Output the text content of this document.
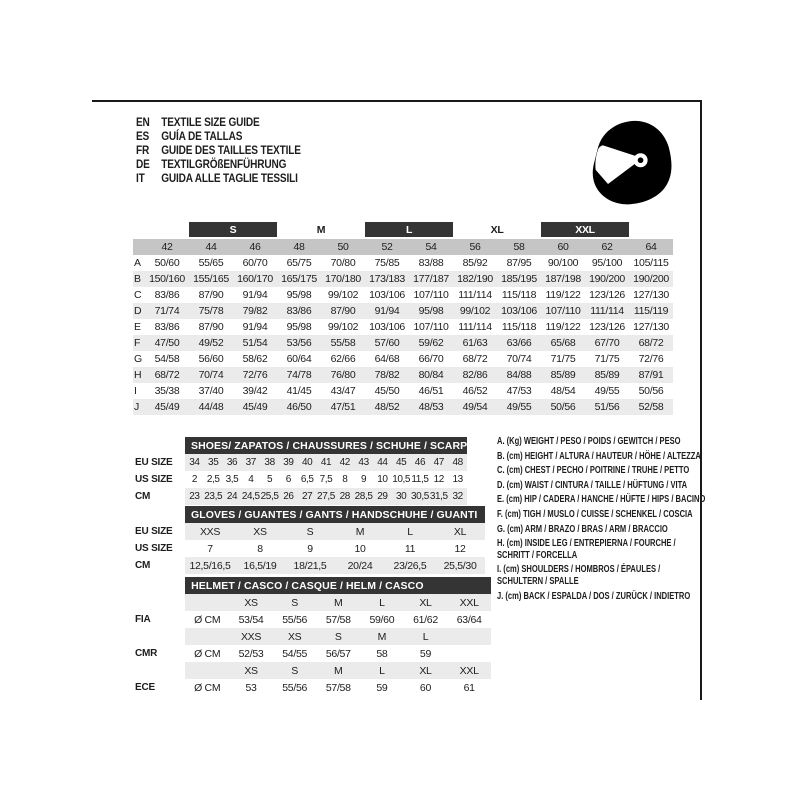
EN TEXTILE SIZE GUIDE
ES	GUÍA DE TALLAS
FR	GUIDE DES TAILLES TEXTILE
DE TEXTILGRÖßENFÜHRUNG
IT	GUIDA ALLE TAGLIE TESSILI
		S		M		L		XL		XXL		
	42	44	46	48	50	52	54	56	58	60	62	64
A	50/60	55/65	60/70	65/75	70/80	75/85	83/88	85/92	87/95	90/100	95/100	105/115
B	150/160	155/165	160/170	165/175	170/180	173/183	177/187	182/190	185/195	187/198	190/200	190/200
C	83/86	87/90	91/94	95/98	99/102	103/106	107/110	111/114	115/118	119/122	123/126	127/130
D	71/74	75/78	79/82	83/86	87/90	91/94	95/98	99/102	103/106	107/110	111/114	115/119
E	83/86	87/90	91/94	95/98	99/102	103/106	107/110	111/114	115/118	119/122	123/126	127/130
F	47/50	49/52	51/54	53/56	55/58	57/60	59/62	61/63	63/66	65/68	67/70	68/72
G	54/58	56/60	58/62	60/64	62/66	64/68	66/70	68/72	70/74	71/75	71/75	72/76
H	68/72	70/74	72/76	74/78	76/80	78/82	80/84	82/86	84/88	85/89	85/89	87/91
I	35/38	37/40	39/42	41/45	43/47	45/50	46/51	46/52	47/53	48/54	49/55	50/56
J	45/49	44/48	45/49	46/50	47/51	48/52	48/53	49/54	49/55	50/56	51/56	52/58
	SHOES/ ZAPATOS / CHAUSSURES / SCHUHE / SCARPE														
EU SIZE	34	35	36	37	38	39	40	41	42	43	44	45	46	47	48
US SIZE	2	2,5	3,5	4	5	6	6,5	7,5	8	9	10	10,5	11,5	12	13
CM	23	23,5	24	24,5	25,5	26	27	27,5	28	28,5	29	30	30,5	31,5	32
	GLOVES / GUANTES / GANTS / HANDSCHUHE / GUANTI					
EU SIZE	XXS	XS	S	M	L	XL
US SIZE	7	8	9	10	11	12
CM	12,5/16,5	16,5/19	18/21,5	20/24	23/26,5	25,5/30
	HELMET / CASCO / CASQUE / HELM / CASCO						
		XS	S	M	L	XL	XXL
FIA	Ø CM	53/54	55/56	57/58	59/60	61/62	63/64
		XXS	XS	S	M	L	
CMR	Ø CM	52/53	54/55	56/57	58	59	
		XS	S	M	L	XL	XXL
ECE	Ø CM	53	55/56	57/58	59	60	61
A. (Kg) WEIGHT / PESO / POIDS / GEWITCH / PESO
B. (cm) HEIGHT / ALTURA / HAUTEUR / HÖHE / ALTEZZA
C. (cm) CHEST / PECHO / POITRINE / TRUHE / PETTO
D. (cm) WAIST / CINTURA / TAILLE / HÜFTUNG / VITA
E. (cm) HIP / CADERA / HANCHE / HÜFTE / HIPS / BACINO
F. (cm) TIGH / MUSLO / CUISSE / SCHENKEL / COSCIA
G. (cm) ARM / BRAZO / BRAS / ARM / BRACCIO
H. (cm) INSIDE LEG / ENTREPIERNA / FOURCHE /
SCHRITT / FORCELLA
I. (cm) SHOULDERS / HOMBROS / ÉPAULES /
SCHULTERN / SPALLE
J. (cm) BACK / ESPALDA / DOS / ZURÜCK / INDIETRO
